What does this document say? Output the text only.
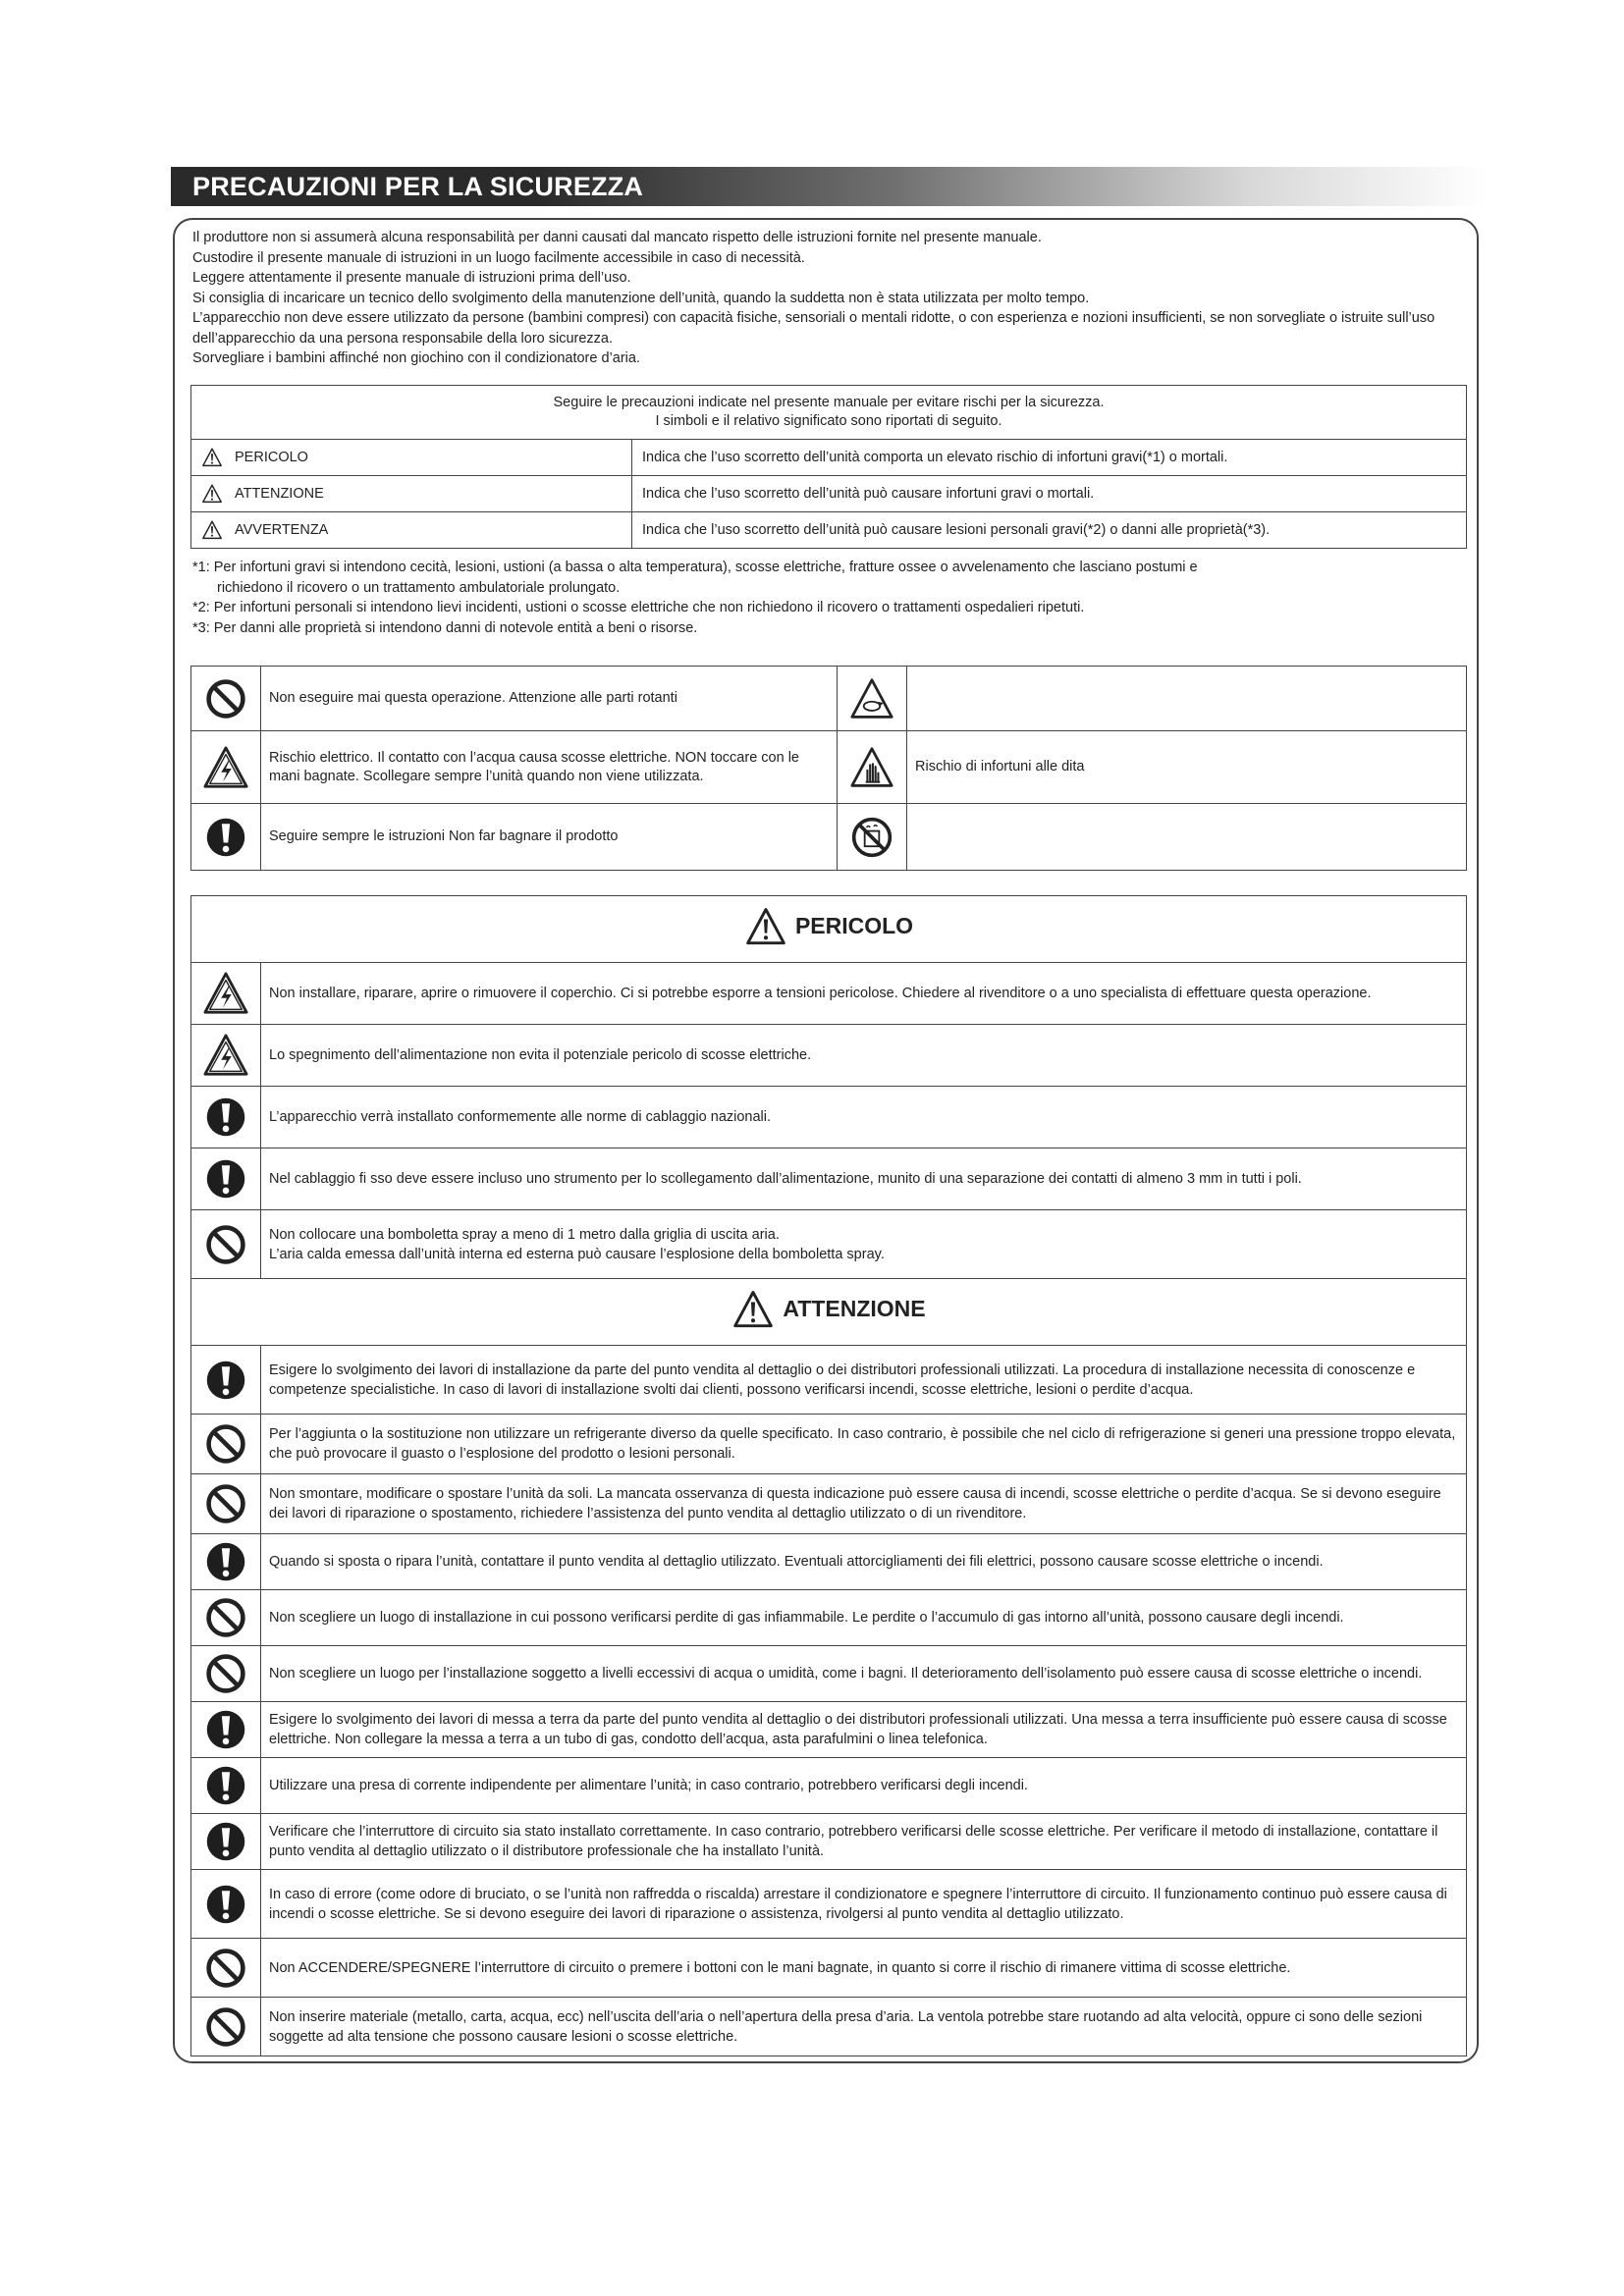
PRECAUZIONI PER LA SICUREZZA

Il produttore non si assumerà alcuna responsabilità per danni causati dal mancato rispetto delle istruzioni fornite nel presente manuale.

Custodire il presente manuale di istruzioni in un luogo facilmente accessibile in caso di necessità.

Leggere attentamente il presente manuale di istruzioni prima dell’uso.

Si consiglia di incaricare un tecnico dello svolgimento della manutenzione dell’unità, quando la suddetta non è stata utilizzata per molto tempo.

L’apparecchio non deve essere utilizzato da persone (bambini compresi) con capacità fisiche, sensoriali o mentali ridotte, o con esperienza e nozioni insufficienti, se non sorvegliate o istruite sull’uso dell’apparecchio da una persona responsabile della loro sicurezza.

Sorvegliare i bambini affinché non giochino con il condizionatore d’aria.

Seguire le precauzioni indicate nel presente manuale per evitare rischi per la sicurezza.
I simboli e il relativo significato sono riportati di seguito.	

PERICOLO	Indica che l’uso scorretto dell’unità comporta un elevato rischio di infortuni gravi(*1) o mortali.

ATTENZIONE	Indica che l’uso scorretto dell’unità può causare infortuni gravi o mortali.

AVVERTENZA	Indica che l’uso scorretto dell’unità può causare lesioni personali gravi(*2) o danni alle proprietà(*3).

*1: Per infortuni gravi si intendono cecità, lesioni, ustioni (a bassa o alta temperatura), scosse elettriche, fratture ossee o avvelenamento che lasciano postumi e

richiedono il ricovero o un trattamento ambulatoriale prolungato.

*2: Per infortuni personali si intendono lievi incidenti, ustioni o scosse elettriche che non richiedono il ricovero o trattamenti ospedalieri ripetuti.

*3: Per danni alle proprietà si intendono danni di notevole entità a beni o risorse.

	Non eseguire mai questa operazione. Attenzione alle parti rotanti	

	Rischio elettrico. Il contatto con l’acqua causa scosse elettriche. NON toccare con le mani bagnate. Scollegare sempre l’unità quando non viene utilizzata.		Rischio di infortuni alle dita

	Seguire sempre le istruzioni Non far bagnare il prodotto	

PERICOLO	

	Non installare, riparare, aprire o rimuovere il coperchio. Ci si potrebbe esporre a tensioni pericolose. Chiedere al rivenditore o a uno specialista di effettuare questa operazione.

	Lo spegnimento dell’alimentazione non evita il potenziale pericolo di scosse elettriche.

	L’apparecchio verrà installato conformemente alle norme di cablaggio nazionali.

	Nel cablaggio fi sso deve essere incluso uno strumento per lo scollegamento dall’alimentazione, munito di una separazione dei contatti di almeno 3 mm in tutti i poli.

Non collocare una bomboletta spray a meno di 1 metro dalla griglia di uscita aria.
L’aria calda emessa dall’unità interna ed esterna può causare l’esplosione della bomboletta spray.

ATTENZIONE	

	Esigere lo svolgimento dei lavori di installazione da parte del punto vendita al dettaglio o dei distributori professionali utilizzati. La procedura di installazione necessita di conoscenze e competenze specialistiche. In caso di lavori di installazione svolti dai clienti, possono verificarsi incendi, scosse elettriche, lesioni o perdite d’acqua.

	Per l’aggiunta o la sostituzione non utilizzare un refrigerante diverso da quelle specificato. In caso contrario, è possibile che nel ciclo di refrigerazione si generi una pressione troppo elevata, che può provocare il guasto o l’esplosione del prodotto o lesioni personali.

	Non smontare, modificare o spostare l’unità da soli. La mancata osservanza di questa indicazione può essere causa di incendi, scosse elettriche o perdite d’acqua. Se si devono eseguire dei lavori di riparazione o spostamento, richiedere l’assistenza del punto vendita al dettaglio utilizzato o di un rivenditore.

	Quando si sposta o ripara l’unità, contattare il punto vendita al dettaglio utilizzato. Eventuali attorcigliamenti dei fili elettrici, possono causare scosse elettriche o incendi.

	Non scegliere un luogo di installazione in cui possono verificarsi perdite di gas infiammabile. Le perdite o l’accumulo di gas intorno all’unità, possono causare degli incendi.

	Non scegliere un luogo per l’installazione soggetto a livelli eccessivi di acqua o umidità, come i bagni. Il deterioramento dell’isolamento può essere causa di scosse elettriche o incendi.

	Esigere lo svolgimento dei lavori di messa a terra da parte del punto vendita al dettaglio o dei distributori professionali utilizzati. Una messa a terra insufficiente può essere causa di scosse elettriche. Non collegare la messa a terra a un tubo di gas, condotto dell’acqua, asta parafulmini o linea telefonica.

	Utilizzare una presa di corrente indipendente per alimentare l’unità; in caso contrario, potrebbero verificarsi degli incendi.

	Verificare che l’interruttore di circuito sia stato installato correttamente. In caso contrario, potrebbero verificarsi delle scosse elettriche. Per verificare il metodo di installazione, contattare il punto vendita al dettaglio utilizzato o il distributore professionale che ha installato l’unità.

	In caso di errore (come odore di bruciato, o se l’unità non raffredda o riscalda) arrestare il condizionatore e spegnere l’interruttore di circuito. Il funzionamento continuo può essere causa di incendi o scosse elettriche. Se si devono eseguire dei lavori di riparazione o assistenza, rivolgersi al punto vendita al dettaglio utilizzato.

	Non ACCENDERE/SPEGNERE l’interruttore di circuito o premere i bottoni con le mani bagnate, in quanto si corre il rischio di rimanere vittima di scosse elettriche.

	Non inserire materiale (metallo, carta, acqua, ecc) nell’uscita dell’aria o nell’apertura della presa d’aria. La ventola potrebbe stare ruotando ad alta velocità, oppure ci sono delle sezioni soggette ad alta tensione che possono causare lesioni o scosse elettriche.
